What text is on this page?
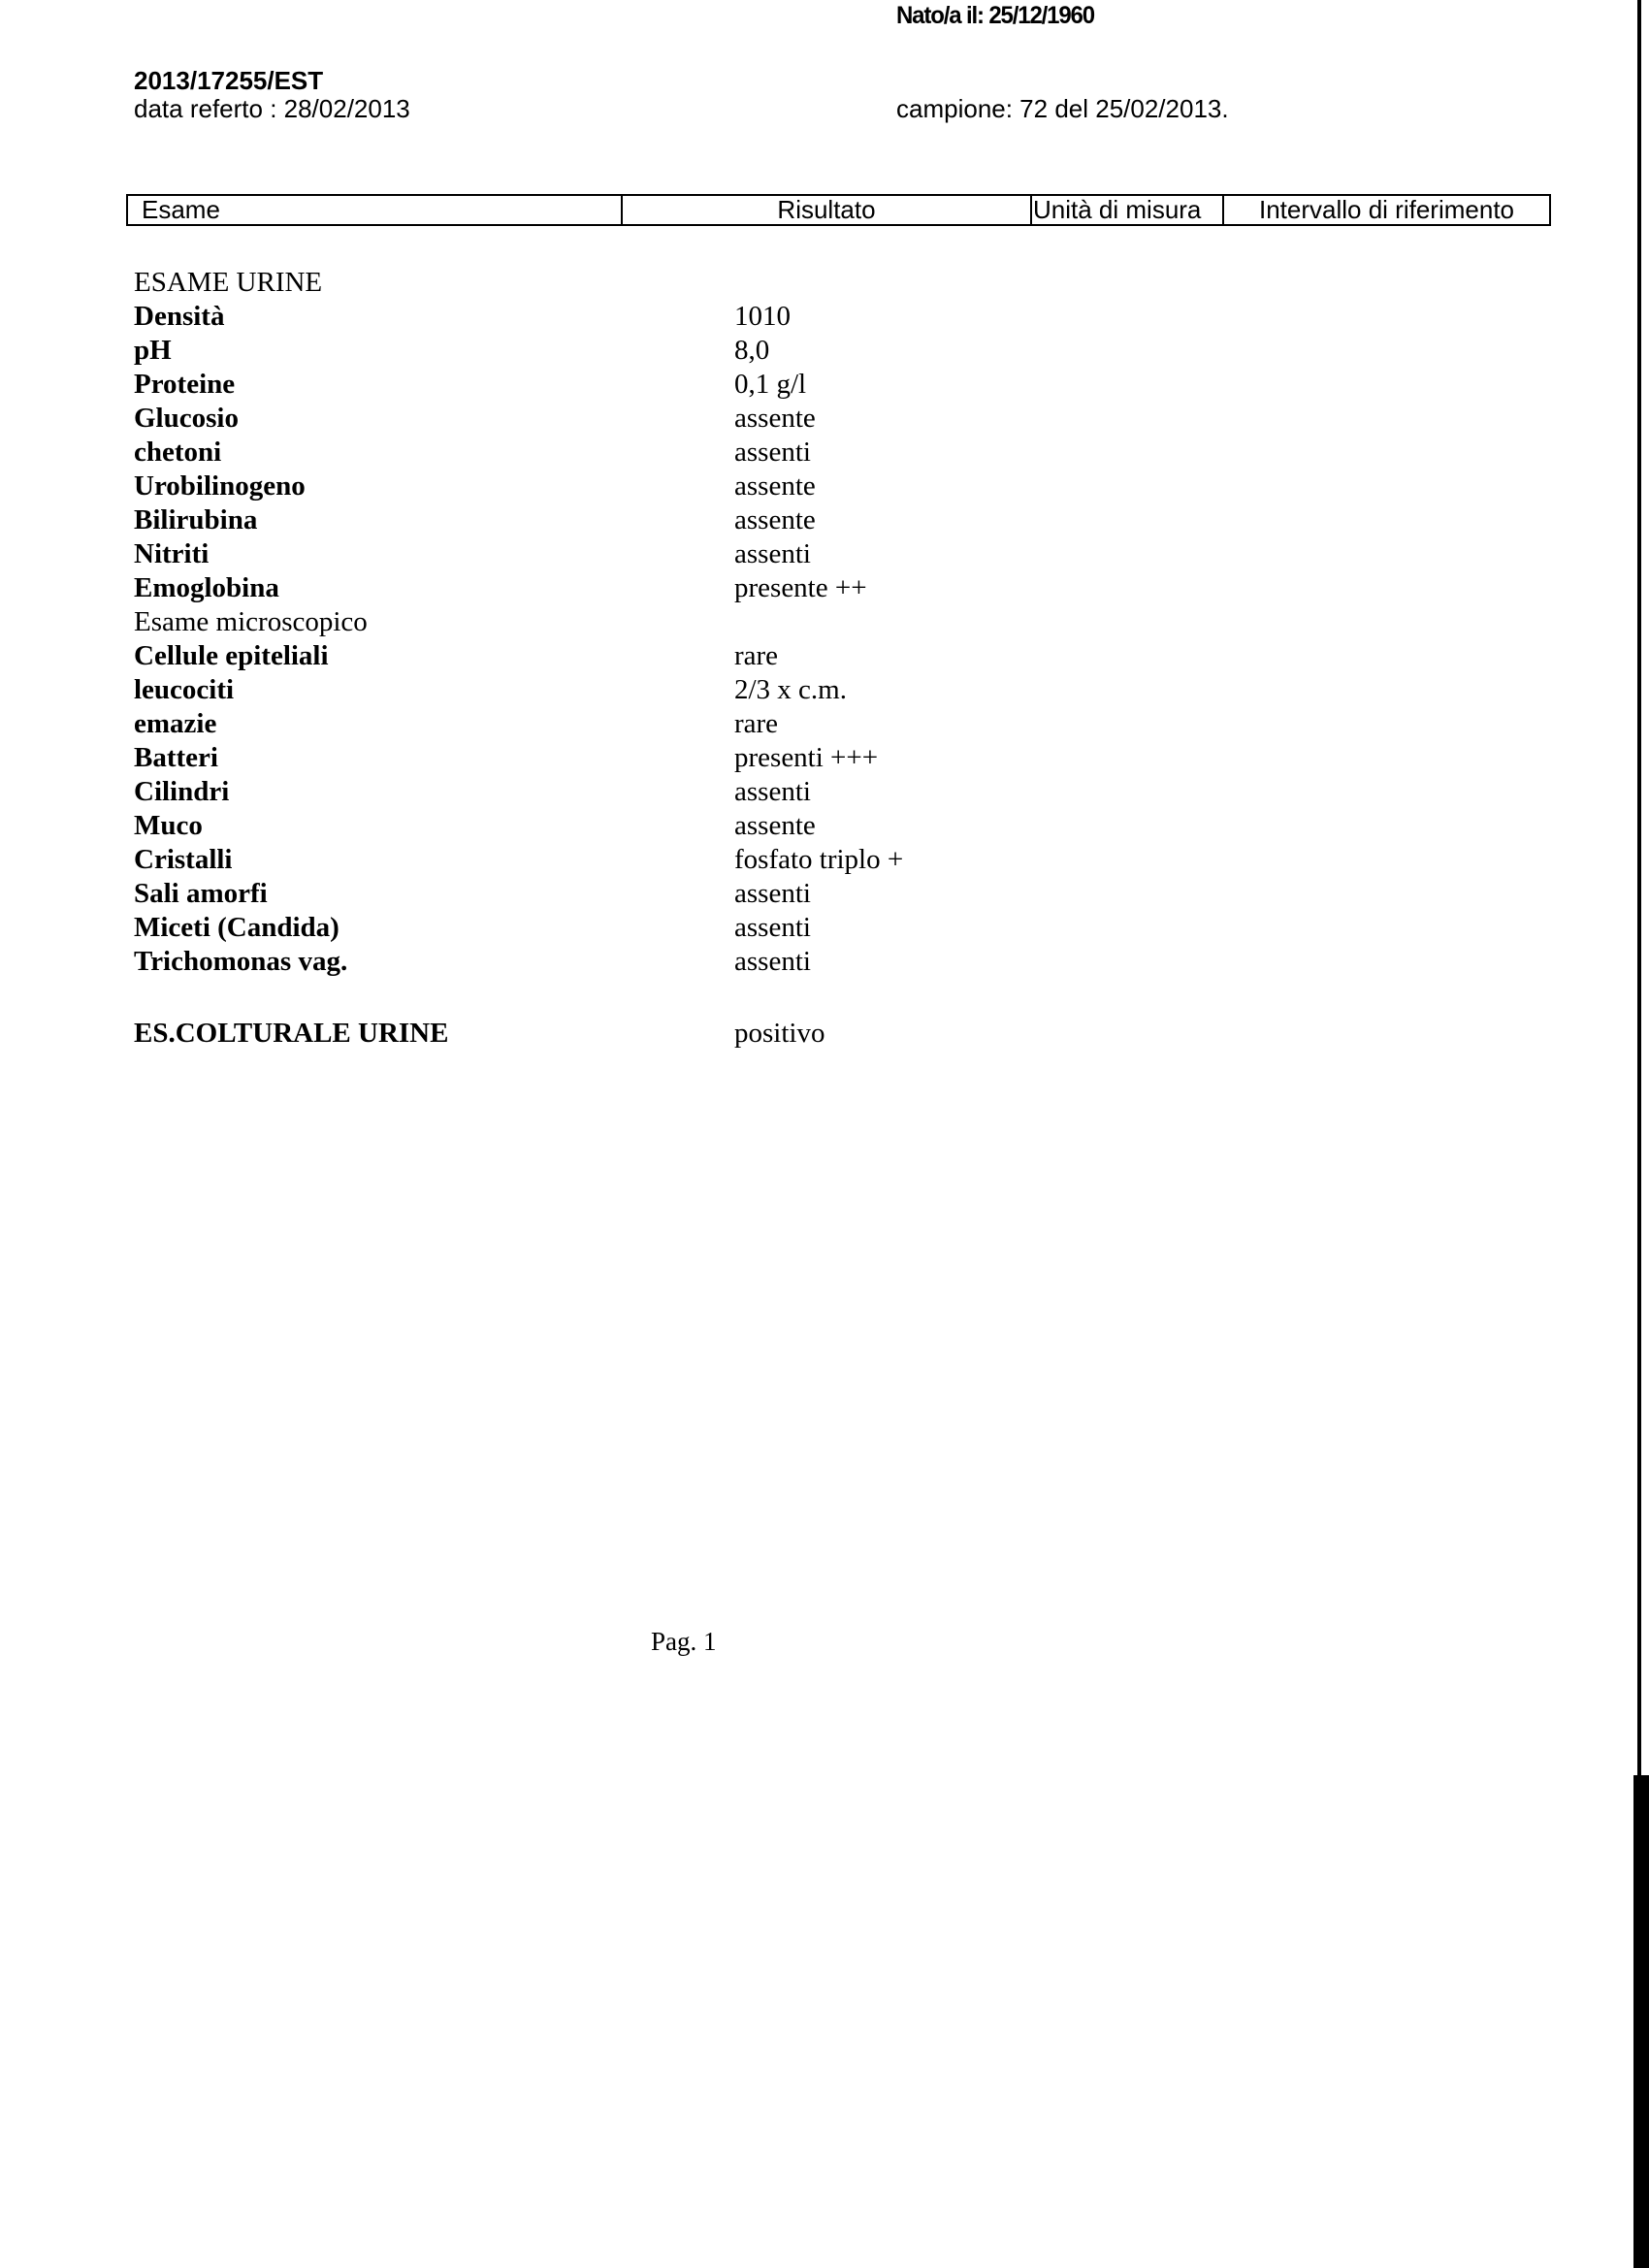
Nato/a il: 25/12/1960
2013/17255/EST
data referto : 28/02/2013	campione: 72 del 25/02/2013.
Esame	Risultato	Unità di misura	Intervallo di riferimento
ESAME URINE
Densità	1010
pH	8,0
Proteine	0,1 g/l
Glucosio	assente
chetoni	assenti
Urobilinogeno	assente
Bilirubina	assente
Nitriti	assenti
Emoglobina	presente ++
Esame microscopico
Cellule epiteliali	rare
leucociti	2/3 x c.m.
emazie	rare
Batteri	presenti +++
Cilindri	assenti
Muco	assente
Cristalli	fosfato triplo +
Sali amorfi	assenti
Miceti (Candida)	assenti
Trichomonas vag.	assenti
ES.COLTURALE URINE	positivo
Pag. 1
